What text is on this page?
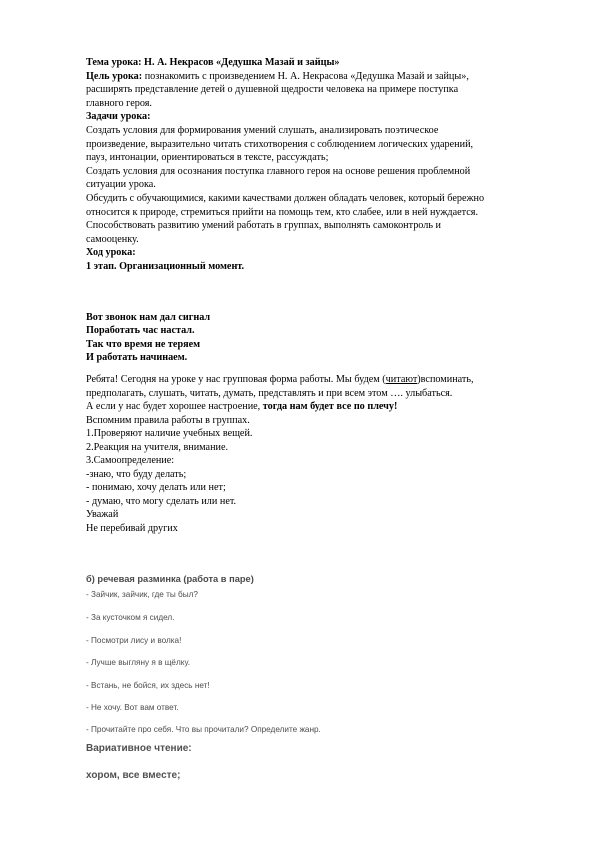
Тема урока: Н. А. Некрасов «Дедушка Мазай и зайцы»

Цель урока: познакомить с произведением Н. А. Некрасова «Дедушка Мазай и зайцы»,

расширять представление детей о душевной щедрости человека на примере поступка

главного героя.

Задачи урока:

Создать условия для формирования умений слушать, анализировать поэтическое

произведение, выразительно читать стихотворения с соблюдением логических ударений,

пауз, интонации, ориентироваться в тексте, рассуждать;

Создать условия для осознания поступка главного героя на основе решения проблемной

ситуации урока.

Обсудить с обучающимися, какими качествами должен обладать человек, который бережно

относится к природе, стремиться прийти на помощь тем, кто слабее, или в ней нуждается.

Способствовать развитию умений работать в группах, выполнять самоконтроль и

самооценку.

Ход урока:

1 этап. Организационный момент.

Вот звонок нам дал сигнал

Поработать час настал.

Так что время не теряем

И работать начинаем.

Ребята! Сегодня на уроке у нас групповая форма работы. Мы будем (читают)вспоминать,

предполагать, слушать, читать, думать, представлять и при всем этом …. улыбаться.

А если у нас будет хорошее настроение, тогда нам будет все по плечу!

Вспомним правила работы в группах.

1.Проверяют наличие учебных вещей.

2.Реакция на учителя, внимание.

3.Самоопределение:

-знаю, что буду делать;

- понимаю, хочу делать или нет;

- думаю, что могу сделать или нет.

Уважай

Не перебивай других

б) речевая разминка (работа в паре)
- Зайчик, зайчик, где ты был?
- За кусточком я сидел.
- Посмотри лису и волка!
- Лучше выгляну я в щёлку.
- Встань, не бойся, их здесь нет!
- Не хочу. Вот вам ответ.
- Прочитайте про себя. Что вы прочитали? Определите жанр.
Вариативное чтение:
хором, все вместе;
